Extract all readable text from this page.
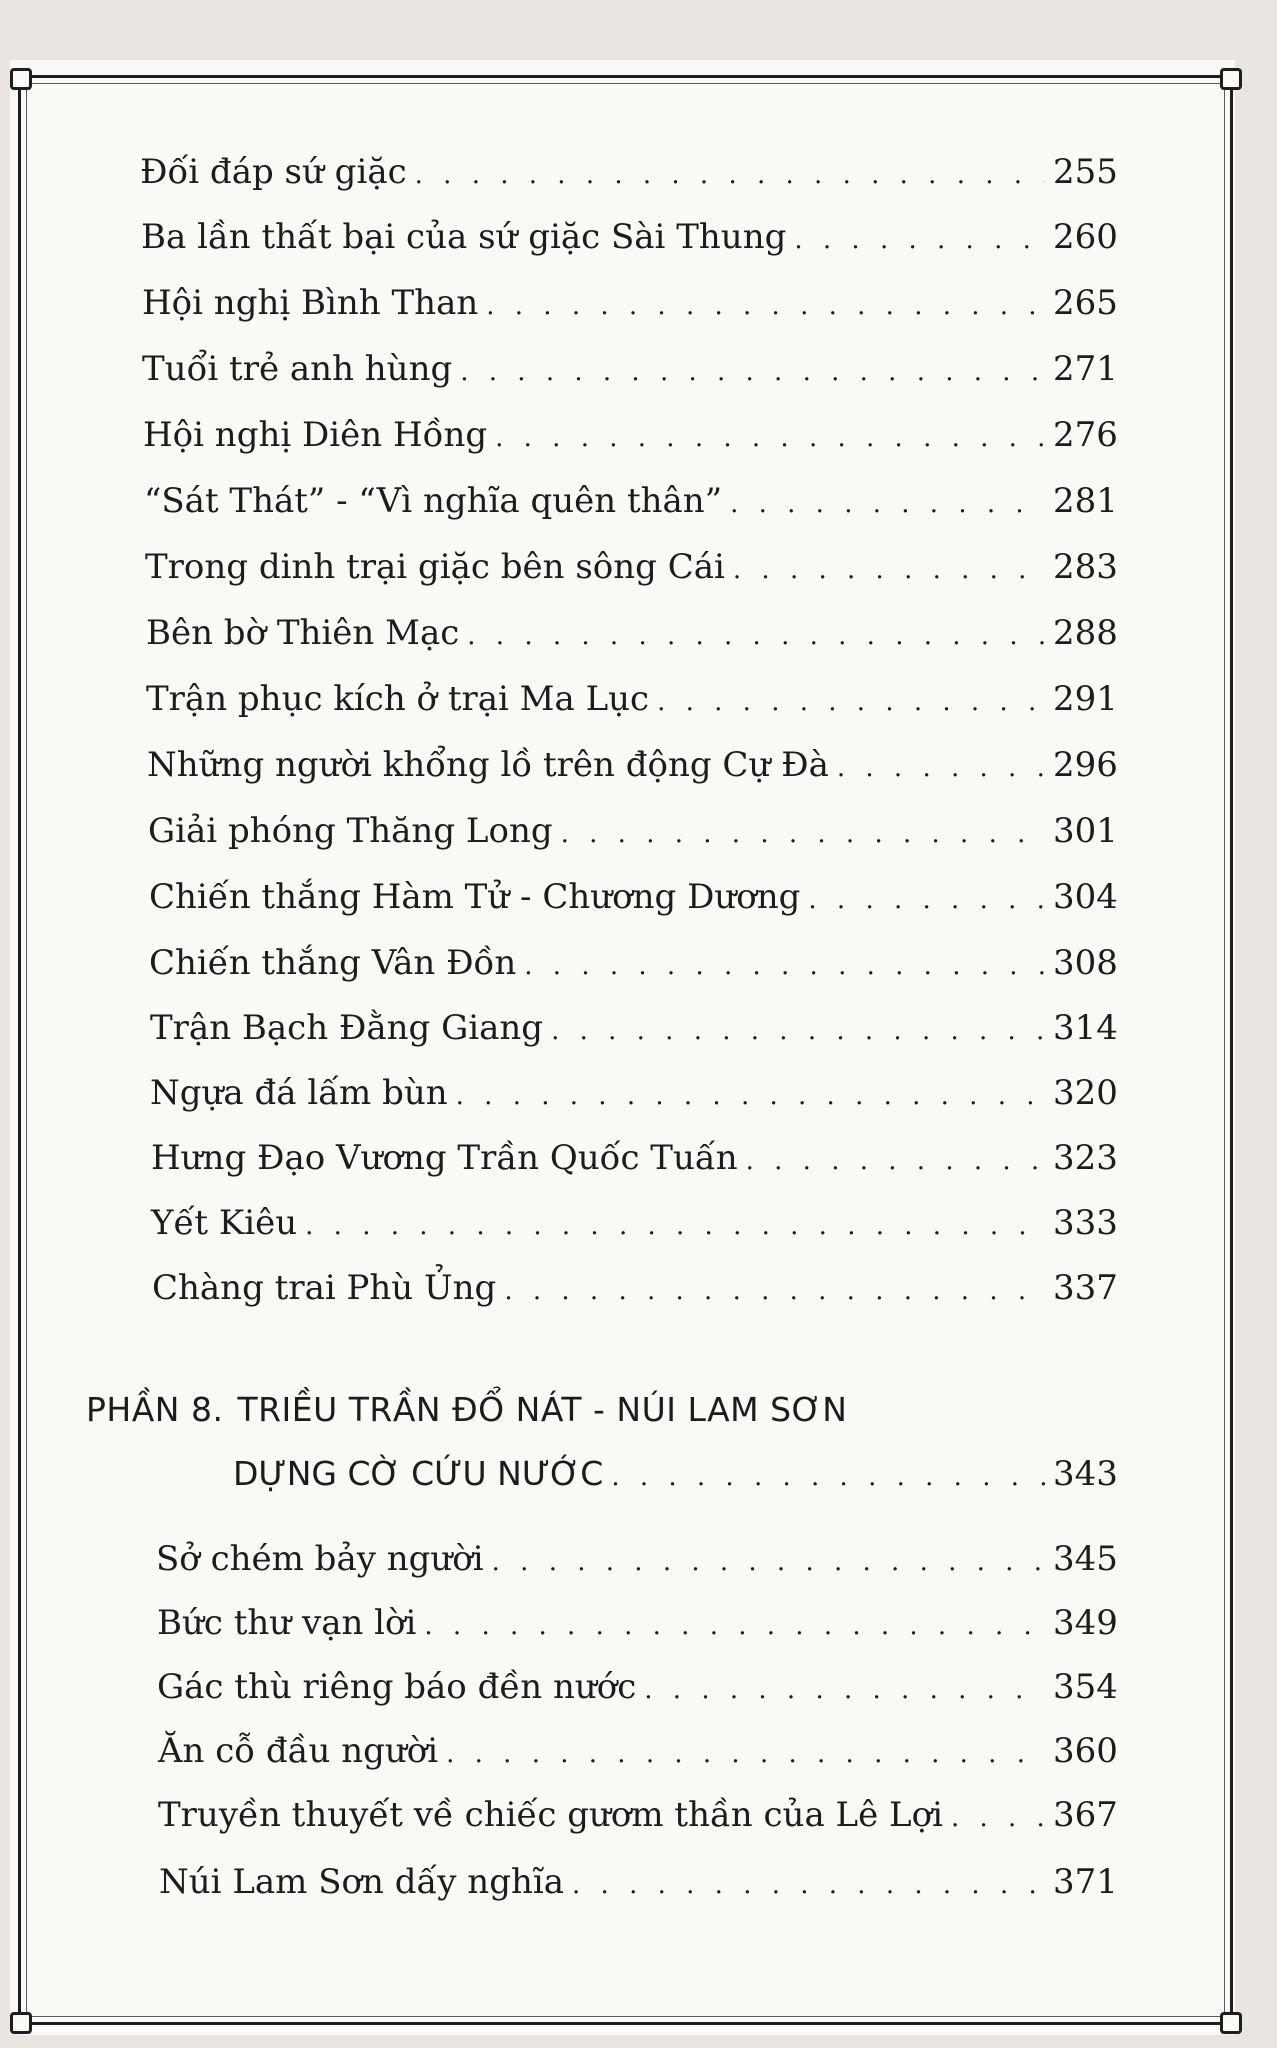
Đối đáp sứ giặc . . .	255
Ba lần thất bại của sứ giặc Sài Thung . . .	260
Hội nghị Bình Than . . .	265
Tuổi trẻ anh hùng . . .	271
Hội nghị Diên Hồng . . .	276
“Sát Thát” - “Vì nghĩa quên thân” . . .	281
Trong dinh trại giặc bên sông Cái . . .	283
Bên bờ Thiên Mạc . . .	288
Trận phục kích ở trại Ma Lục . . .	291
Những người khổng lồ trên động Cự Đà . . .	296
Giải phóng Thăng Long . . .	301
Chiến thắng Hàm Tử - Chương Dương . . .	304
Chiến thắng Vân Đồn . . .	308
Trận Bạch Đằng Giang . . .	314
Ngựa đá lấm bùn . . .	320
Hưng Đạo Vương Trần Quốc Tuấn . . .	323
Yết Kiêu . . .	333
Chàng trai Phù Ủng . . .	337
PHẦN 8. TRIỀU TRẦN ĐỔ NÁT - NÚI LAM SƠN
DỰNG CỜ CỨU NƯỚC . . .	343
Sở chém bảy người . . .	345
Bức thư vạn lời . . .	349
Gác thù riêng báo đền nước . . .	354
Ăn cỗ đầu người . . .	360
Truyền thuyết về chiếc gươm thần của Lê Lợi . . .	367
Núi Lam Sơn dấy nghĩa . . .	371
